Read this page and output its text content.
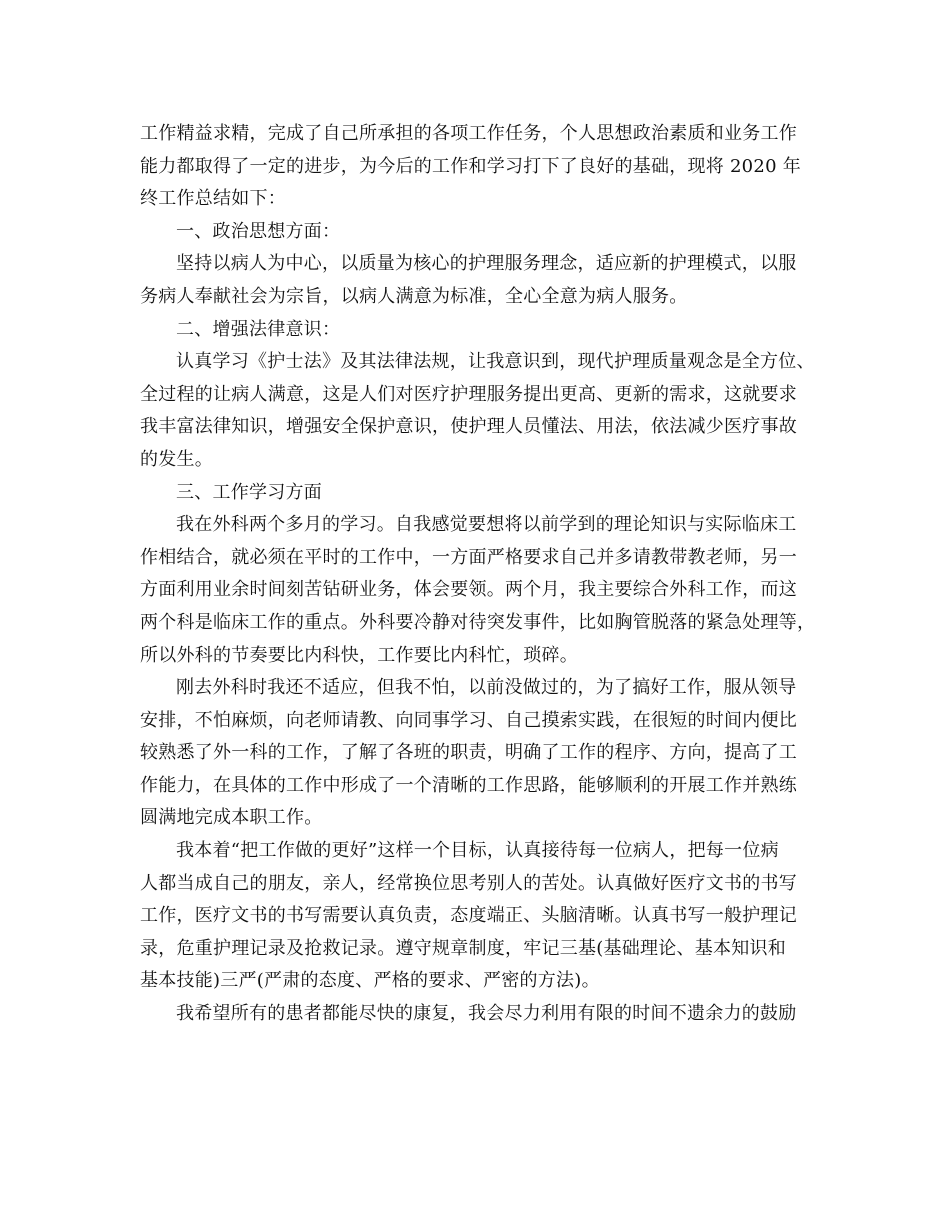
工作精益求精，完成了自己所承担的各项工作任务，个人思想政治素质和业务工作
能力都取得了一定的进步，为今后的工作和学习打下了良好的基础，现将 2020 年
终工作总结如下：
一、政治思想方面：
坚持以病人为中心，以质量为核心的护理服务理念，适应新的护理模式，以服
务病人奉献社会为宗旨，以病人满意为标准，全心全意为病人服务。
二、增强法律意识：
认真学习《护士法》及其法律法规，让我意识到，现代护理质量观念是全方位、
全过程的让病人满意，这是人们对医疗护理服务提出更高、更新的需求，这就要求
我丰富法律知识，增强安全保护意识，使护理人员懂法、用法，依法减少医疗事故
的发生。
三、工作学习方面
我在外科两个多月的学习。自我感觉要想将以前学到的理论知识与实际临床工
作相结合，就必须在平时的工作中，一方面严格要求自己并多请教带教老师，另一
方面利用业余时间刻苦钻研业务，体会要领。两个月，我主要综合外科工作，而这
两个科是临床工作的重点。外科要冷静对待突发事件，比如胸管脱落的紧急处理等，
所以外科的节奏要比内科快，工作要比内科忙，琐碎。
刚去外科时我还不适应，但我不怕，以前没做过的，为了搞好工作，服从领导
安排，不怕麻烦，向老师请教、向同事学习、自己摸索实践，在很短的时间内便比
较熟悉了外一科的工作，了解了各班的职责，明确了工作的程序、方向，提高了工
作能力，在具体的工作中形成了一个清晰的工作思路，能够顺利的开展工作并熟练
圆满地完成本职工作。
我本着“把工作做的更好”这样一个目标，认真接待每一位病人，把每一位病
人都当成自己的朋友，亲人，经常换位思考别人的苦处。认真做好医疗文书的书写
工作，医疗文书的书写需要认真负责，态度端正、头脑清晰。认真书写一般护理记
录，危重护理记录及抢救记录。遵守规章制度，牢记三基(基础理论、基本知识和
基本技能)三严(严肃的态度、严格的要求、严密的方法)。
我希望所有的患者都能尽快的康复，我会尽力利用有限的时间不遗余力的鼓励
